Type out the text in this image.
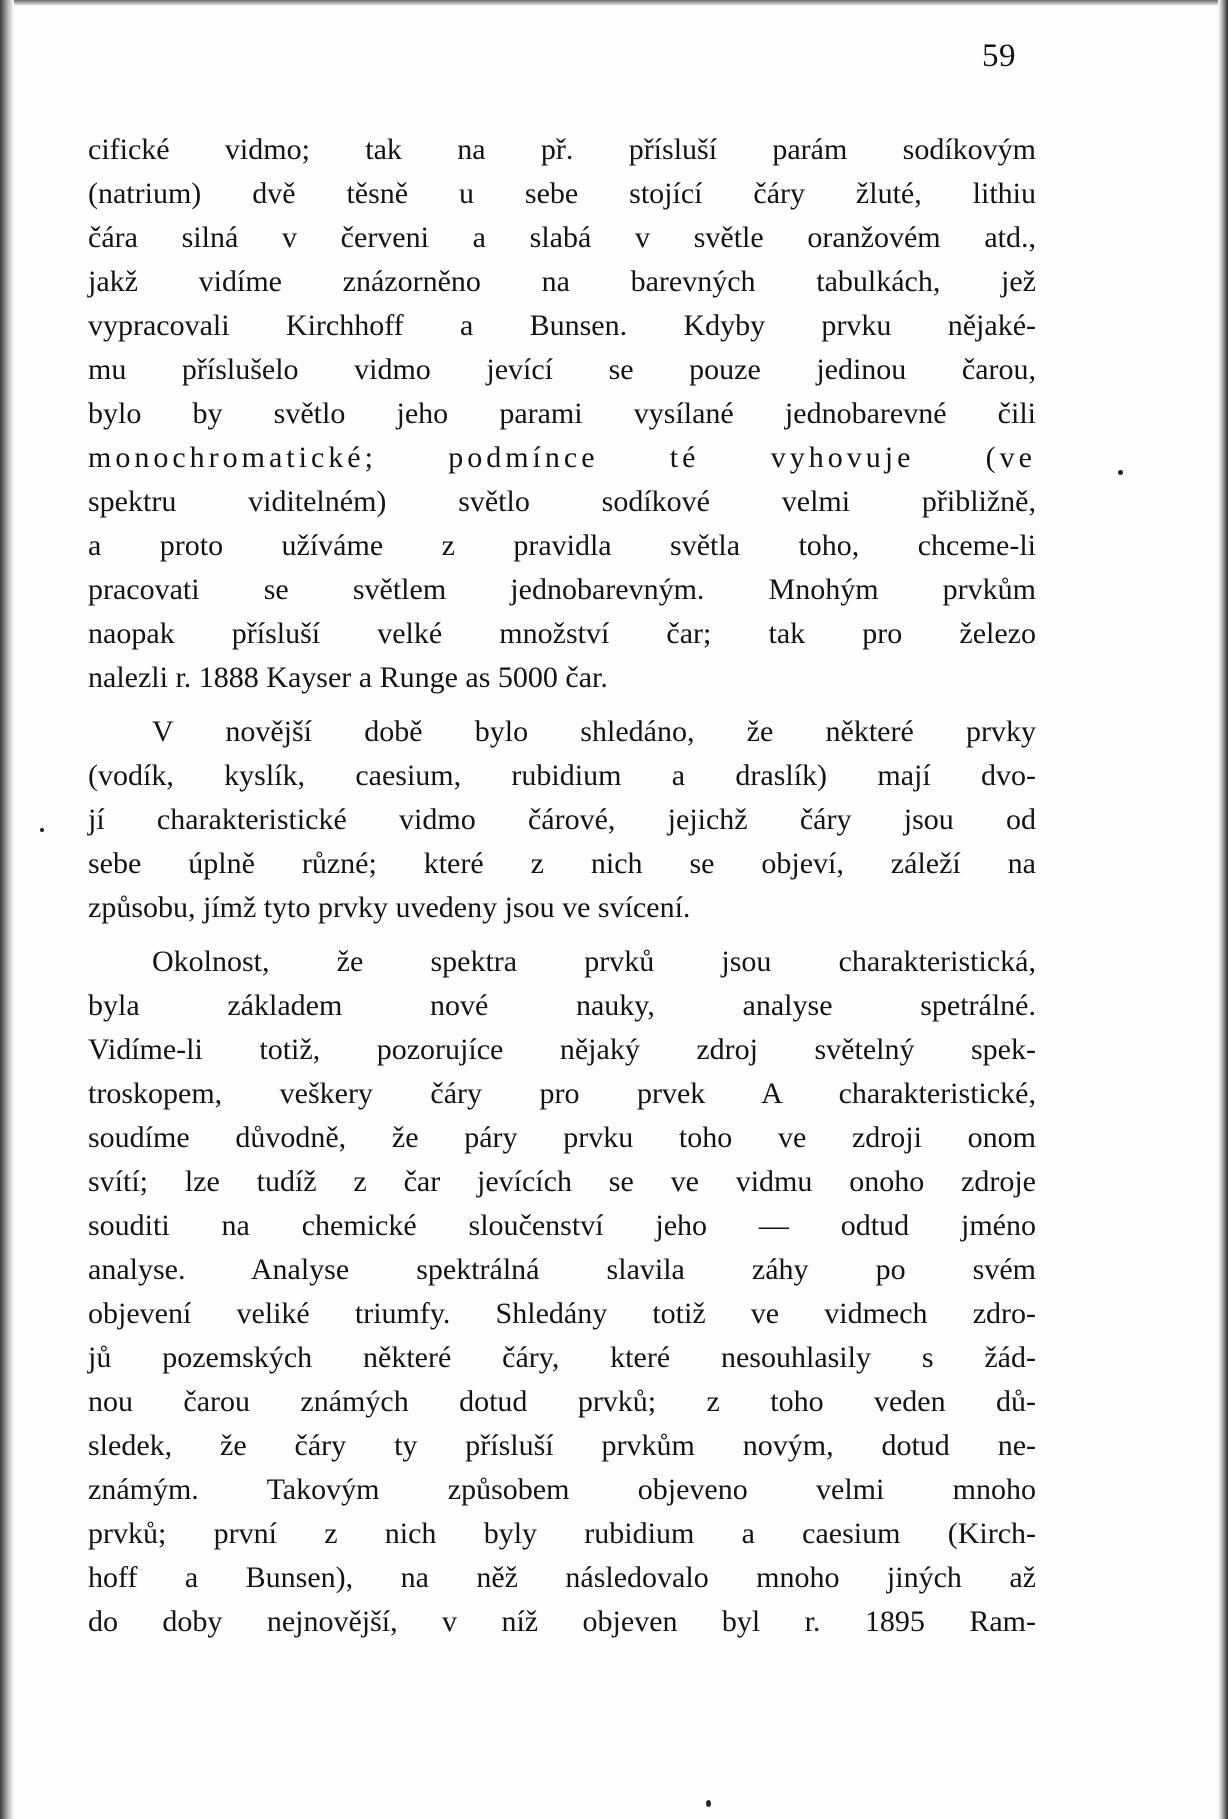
59
cifické vidmo; tak na př. přísluší parám sodíkovým
(natrium) dvě těsně u sebe stojící čáry žluté, lithiu
čára silná v červeni a slabá v světle oranžovém atd.,
jakž vidíme znázorněno na barevných tabulkách, jež
vypracovali Kirchhoff a Bunsen. Kdyby prvku nějaké-
mu příslušelo vidmo jevící se pouze jedinou čarou,
bylo by světlo jeho parami vysílané jednobarevné čili
monochromatické; podmínce té vyhovuje (ve
spektru viditelném) světlo sodíkové velmi přibližně,
a proto užíváme z pravidla světla toho, chceme-li
pracovati se světlem jednobarevným. Mnohým prvkům
naopak přísluší velké množství čar; tak pro železo
nalezli r. 1888 Kayser a Runge as 5000 čar.
V novější době bylo shledáno, že některé prvky
(vodík, kyslík, caesium, rubidium a draslík) mají dvo-
jí charakteristické vidmo čárové, jejichž čáry jsou od
sebe úplně různé; které z nich se objeví, záleží na
způsobu, jímž tyto prvky uvedeny jsou ve svícení.
Okolnost, že spektra prvků jsou charakteristická,
byla základem nové nauky, analyse spetrálné.
Vidíme-li totiž, pozorujíce nějaký zdroj světelný spek-
troskopem, veškery čáry pro prvek A charakteristické,
soudíme důvodně, že páry prvku toho ve zdroji onom
svítí; lze tudíž z čar jevících se ve vidmu onoho zdroje
souditi na chemické sloučenství jeho — odtud jméno
analyse. Analyse spektrálná slavila záhy po svém
objevení veliké triumfy. Shledány totiž ve vidmech zdro-
jů pozemských některé čáry, které nesouhlasily s žád-
nou čarou známých dotud prvků; z toho veden dů-
sledek, že čáry ty přísluší prvkům novým, dotud ne-
známým. Takovým způsobem objeveno velmi mnoho
prvků; první z nich byly rubidium a caesium (Kirch-
hoff a Bunsen), na něž následovalo mnoho jiných až
do doby nejnovější, v níž objeven byl r. 1895 Ram-
